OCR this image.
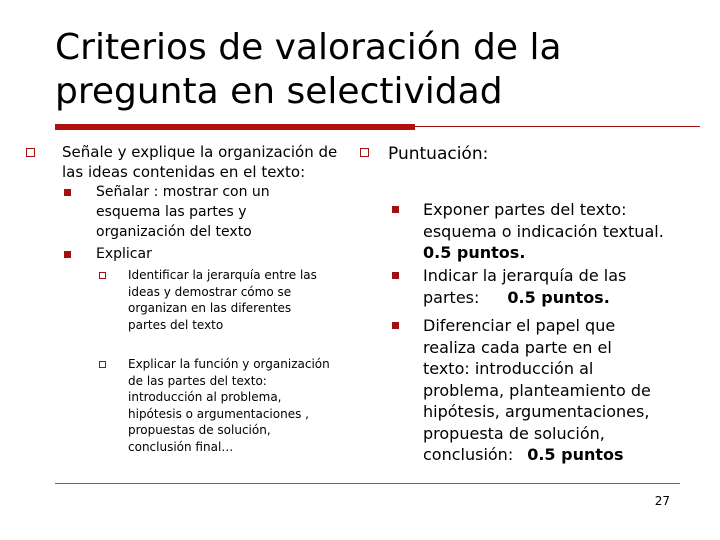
Criterios de valoración de la
pregunta en selectividad
Señale y explique la organización de
las ideas contenidas en el texto:
Señalar : mostrar con un
esquema las partes y
organización del texto
Explicar
Identificar la jerarquía entre las
ideas y demostrar cómo se
organizan en las diferentes
partes del texto
Explicar la función y organización
de las partes del texto:
introducción al problema,
hipótesis o argumentaciones ,
propuestas de solución,
conclusión final…
Puntuación:
Exponer partes del texto:
esquema o indicación textual.
0.5 puntos.
Indicar la jerarquía de las
partes: 0.5 puntos.
Diferenciar el papel que
realiza cada parte en el
texto: introducción al
problema, planteamiento de
hipótesis, argumentaciones,
propuesta de solución,
conclusión: 0.5 puntos
27
